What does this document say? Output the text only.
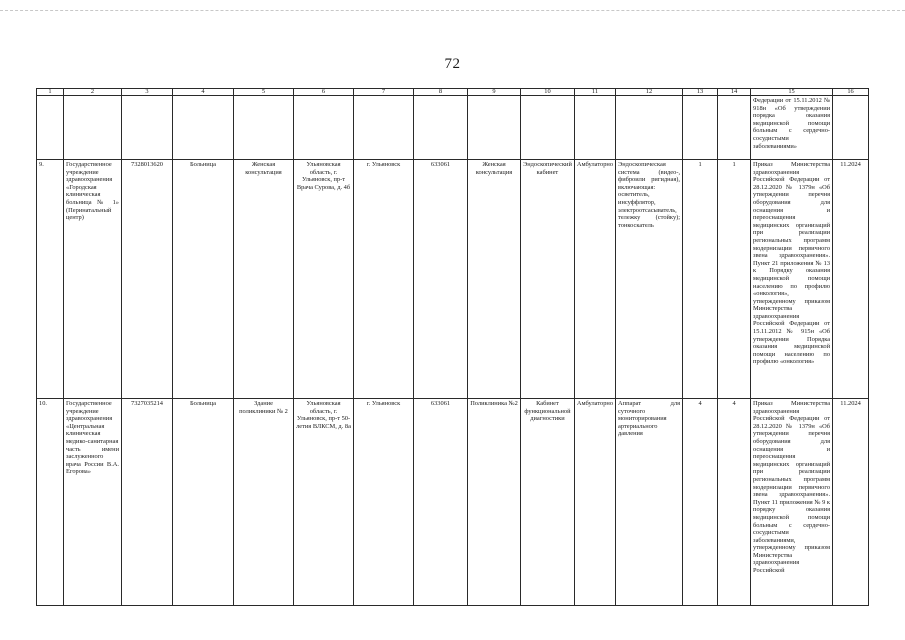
72
1	2	3	4	5	6	7	8	9	10	11	12	13	14	15	16
														Федерации от 15.11.2012 № 918н «Об утверждении порядка оказания медицинской помощи больным с сердечно-сосудистыми заболеваниями»	
9.	Государственное учреждение здравоохранения «Городская клиническая больница № 1» (Перинатальный центр)	7328013620	Больница	Женская консультация	Ульяновская область, г. Ульяновск, пр-т Врача Сурова, д. 4б	г. Ульяновск	633061	Женская консультация	Эндоскопический кабинет	Амбулаторно	Эндоскопическая система (видео-, фиброили ригидная), включающая: осветитель, инсуффлятор, электроотсасыватель, тележку (стойку); тонкоскатель	1	1	Приказ Министерства здравоохранения Российской Федерации от 28.12.2020 № 1379н «Об утверждении перечня оборудования для оснащения и переоснащения медицинских организаций при реализации региональных программ модернизации первичного звена здравоохранения». Пункт 21 приложения № 13 к Порядку оказания медицинской помощи населению по профилю «онкология», утвержденному приказом Министерства здравоохранения Российской Федерации от 15.11.2012 № 915н «Об утверждении Порядка оказания медицинской помощи населению по профилю «онкология»	11.2024
10.	Государственное учреждение здравоохранения «Центральная клиническая медико-санитарная часть имени заслуженного врача России В.А. Егорова»	7327035214	Больница	Здание поликлиники № 2	Ульяновская область, г. Ульяновск, пр-т 50-летия ВЛКСМ, д. 8а	г. Ульяновск	633061	Поликлиника №2	Кабинет функциональной диагностики	Амбулаторно	Аппарат для суточного мониторирования артериального давления	4	4	Приказ Министерства здравоохранения Российской Федерации от 28.12.2020 № 1379н «Об утверждении перечня оборудования для оснащения и переоснащения медицинских организаций при реализации региональных программ модернизации первичного звена здравоохранения». Пункт 11 приложения № 9 к порядку оказания медицинской помощи больным с сердечно-сосудистыми заболеваниями, утвержденному приказом Министерства здравоохранения Российской	11.2024
